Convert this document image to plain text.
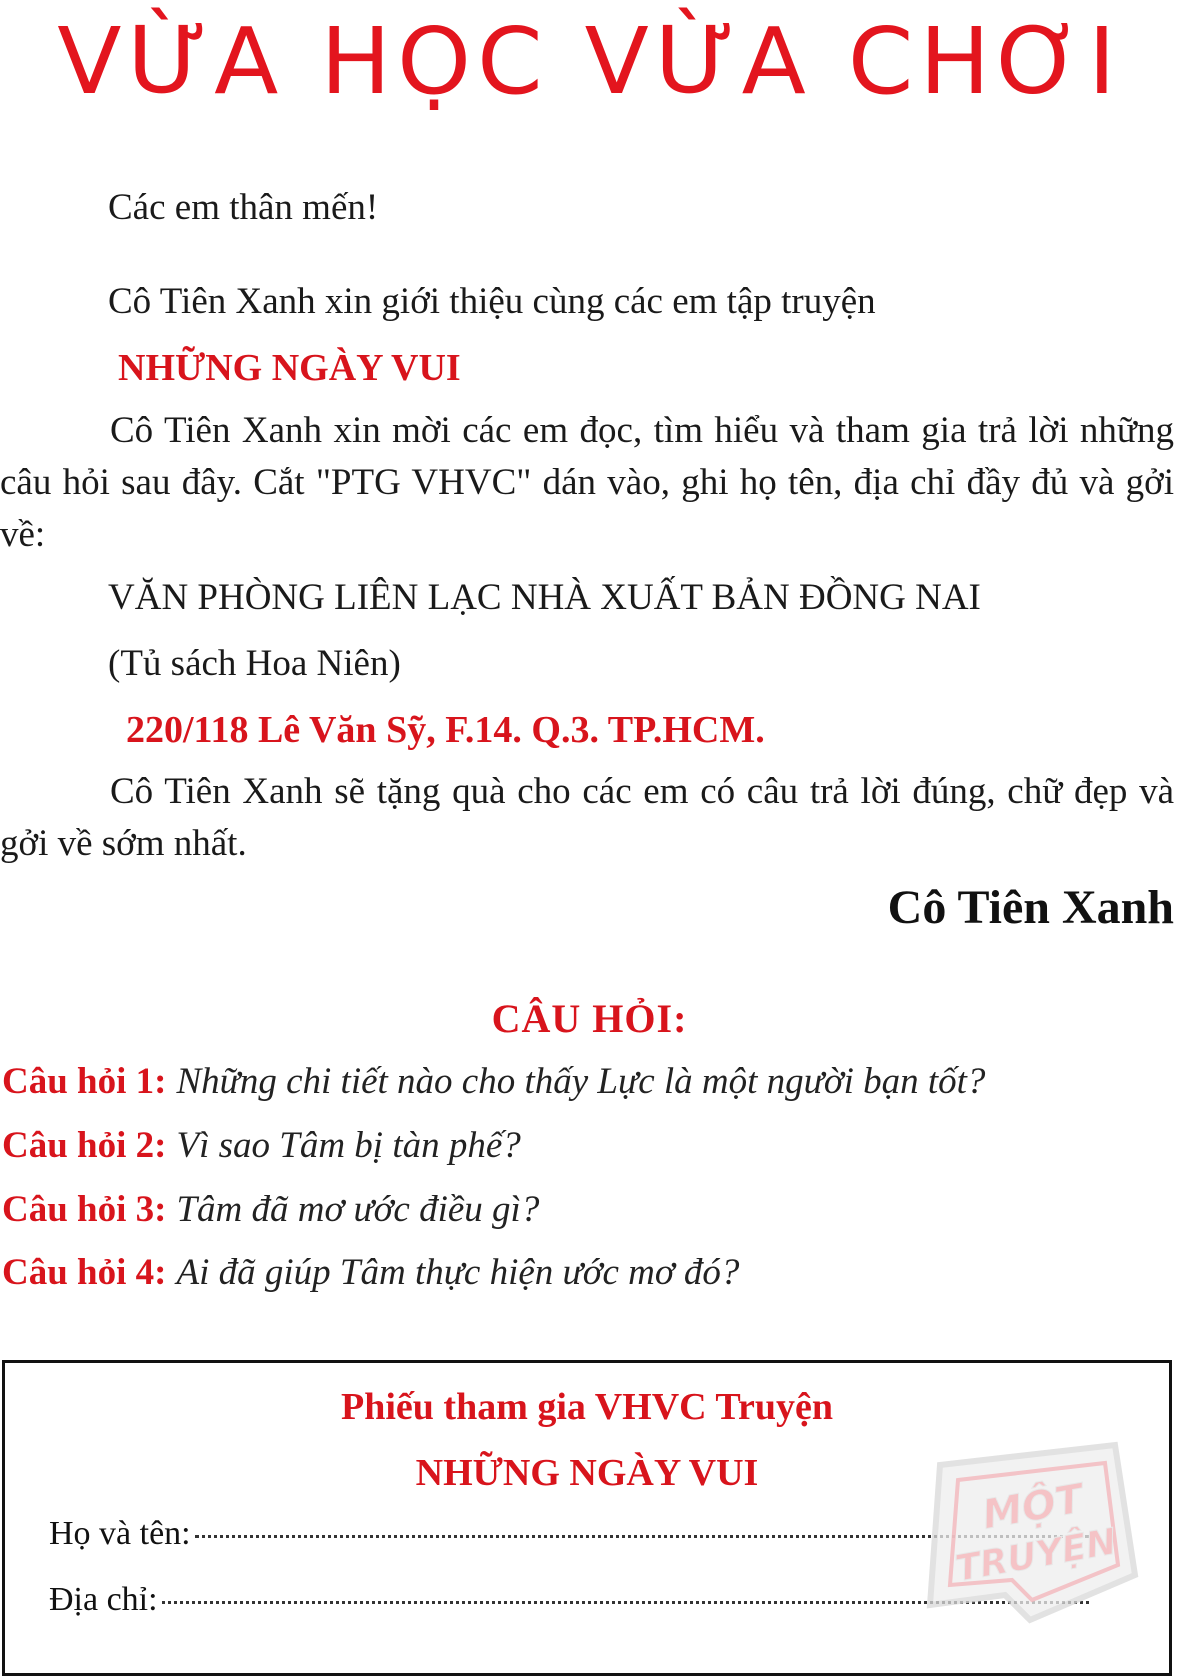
VỪA HỌC VỪA CHƠI
Các em thân mến!
Cô Tiên Xanh xin giới thiệu cùng các em tập truyện
NHỮNG NGÀY VUI
Cô Tiên Xanh xin mời các em đọc, tìm hiểu và tham gia trả lời những câu hỏi sau đây. Cắt "PTG VHVC" dán vào, ghi họ tên, địa chỉ đầy đủ và gởi về:
VĂN PHÒNG LIÊN LẠC NHÀ XUẤT BẢN ĐỒNG NAI
(Tủ sách Hoa Niên)
220/118 Lê Văn Sỹ, F.14. Q.3. TP.HCM.
Cô Tiên Xanh sẽ tặng quà cho các em có câu trả lời đúng, chữ đẹp và gởi về sớm nhất.
Cô Tiên Xanh
CÂU HỎI:
Câu hỏi 1: Những chi tiết nào cho thấy Lực là một người bạn tốt?
Câu hỏi 2: Vì sao Tâm bị tàn phế?
Câu hỏi 3: Tâm đã mơ ước điều gì?
Câu hỏi 4: Ai đã giúp Tâm thực hiện ước mơ đó?
Phiếu tham gia VHVC Truyện
NHỮNG NGÀY VUI
Họ và tên:
Địa chỉ:
MỘT
TRUYỆN
